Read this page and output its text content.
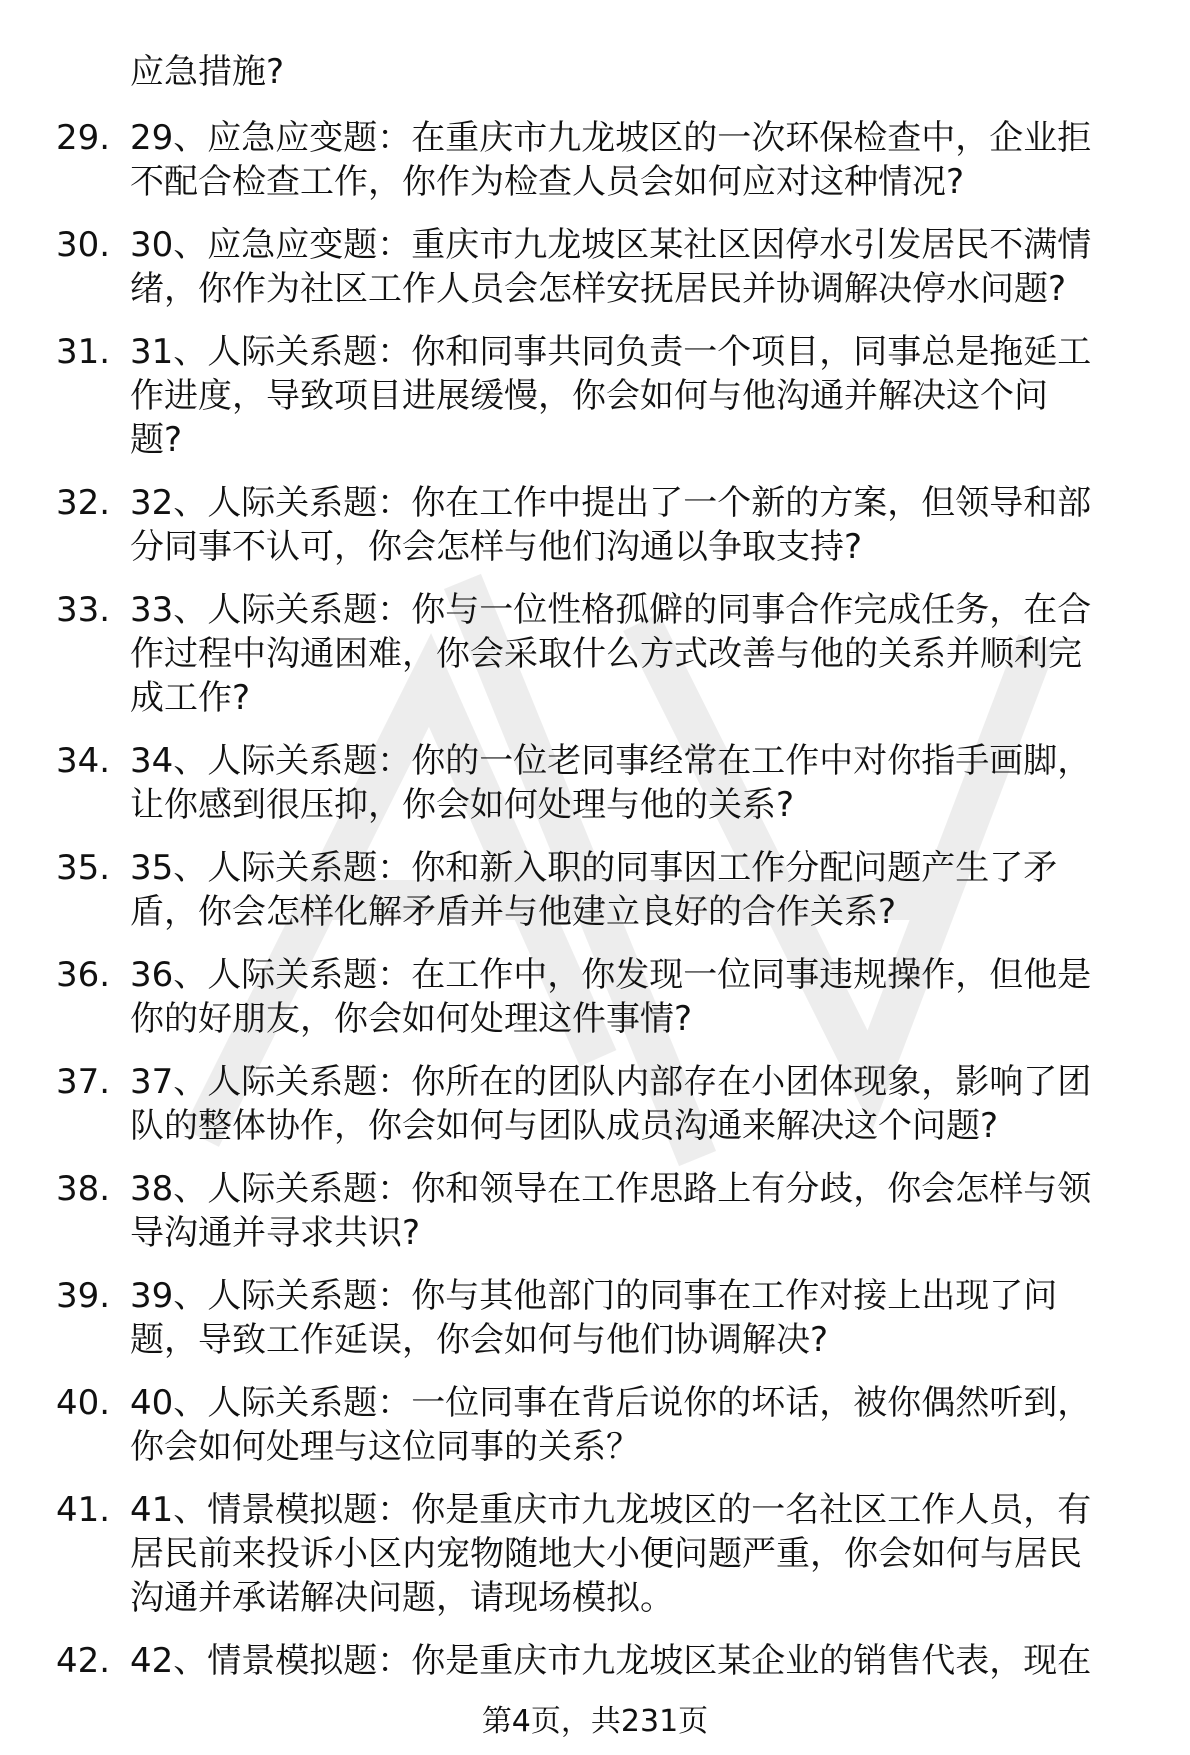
应急措施?
29. 29、应急应变题：在重庆市九龙坡区的一次环保检查中，企业拒
不配合检查工作，你作为检查人员会如何应对这种情况?
30. 30、应急应变题：重庆市九龙坡区某社区因停水引发居民不满情
绪，你作为社区工作人员会怎样安抚居民并协调解决停水问题?
31. 31、人际关系题：你和同事共同负责一个项目，同事总是拖延工
作进度，导致项目进展缓慢，你会如何与他沟通并解决这个问
题?
32. 32、人际关系题：你在工作中提出了一个新的方案，但领导和部
分同事不认可，你会怎样与他们沟通以争取支持?
33. 33、人际关系题：你与一位性格孤僻的同事合作完成任务，在合
作过程中沟通困难，你会采取什么方式改善与他的关系并顺利完
成工作?
34. 34、人际关系题：你的一位老同事经常在工作中对你指手画脚，
让你感到很压抑，你会如何处理与他的关系?
35. 35、人际关系题：你和新入职的同事因工作分配问题产生了矛
盾，你会怎样化解矛盾并与他建立良好的合作关系?
36. 36、人际关系题：在工作中，你发现一位同事违规操作，但他是
你的好朋友，你会如何处理这件事情?
37. 37、人际关系题：你所在的团队内部存在小团体现象，影响了团
队的整体协作，你会如何与团队成员沟通来解决这个问题?
38. 38、人际关系题：你和领导在工作思路上有分歧，你会怎样与领
导沟通并寻求共识?
39. 39、人际关系题：你与其他部门的同事在工作对接上出现了问
题，导致工作延误，你会如何与他们协调解决?
40. 40、人际关系题：一位同事在背后说你的坏话，被你偶然听到，
你会如何处理与这位同事的关系？
41. 41、情景模拟题：你是重庆市九龙坡区的一名社区工作人员，有
居民前来投诉小区内宠物随地大小便问题严重，你会如何与居民
沟通并承诺解决问题，请现场模拟。
42. 42、情景模拟题：你是重庆市九龙坡区某企业的销售代表，现在
第4页，共231页
